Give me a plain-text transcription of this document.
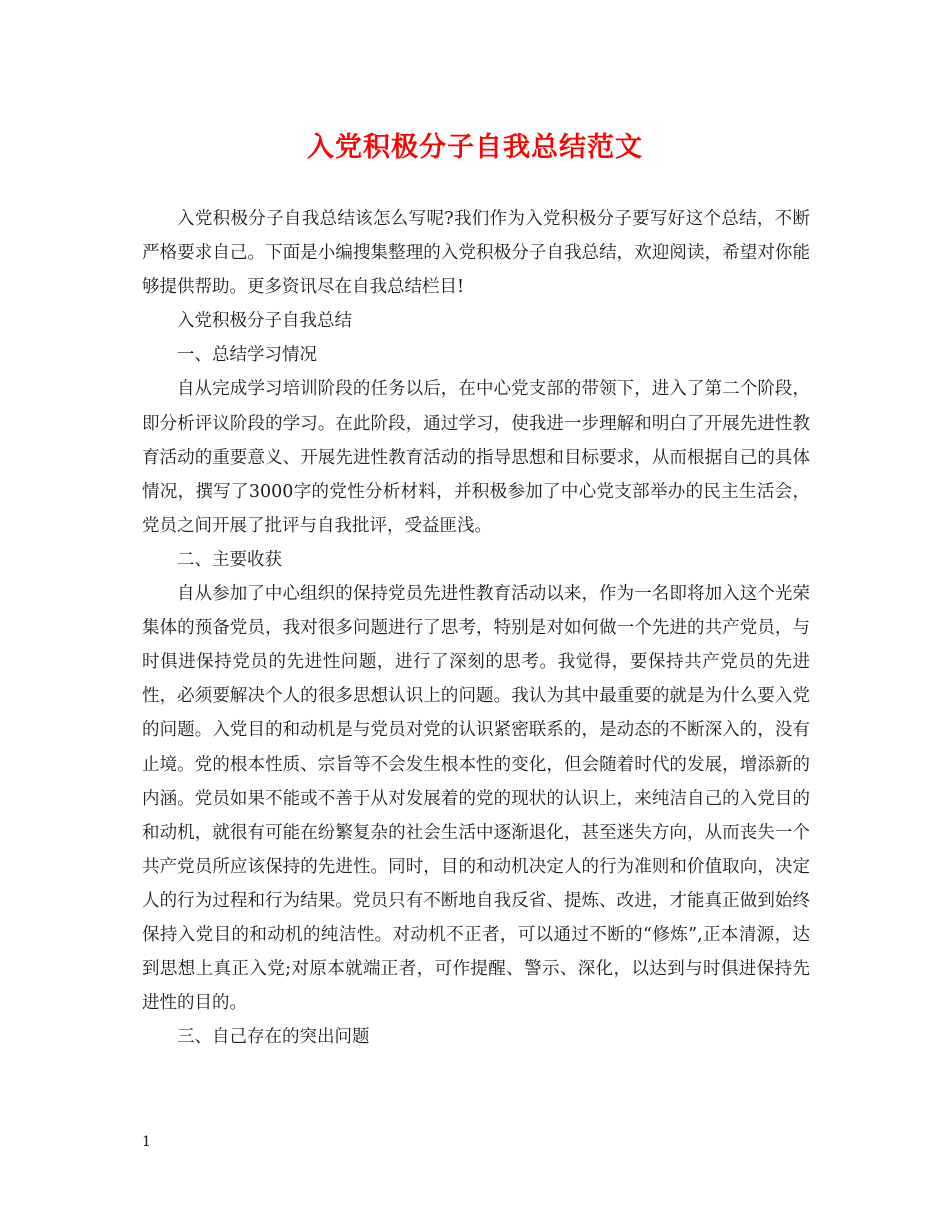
入党积极分子自我总结范文

入党积极分子自我总结该怎么写呢?我们作为入党积极分子要写好这个总结，不断严格要求自己。下面是小编搜集整理的入党积极分子自我总结，欢迎阅读，希望对你能够提供帮助。更多资讯尽在自我总结栏目!

入党积极分子自我总结

一、总结学习情况

自从完成学习培训阶段的任务以后，在中心党支部的带领下，进入了第二个阶段，即分析评议阶段的学习。在此阶段，通过学习，使我进一步理解和明白了开展先进性教育活动的重要意义、开展先进性教育活动的指导思想和目标要求，从而根据自己的具体情况，撰写了3000字的党性分析材料，并积极参加了中心党支部举办的民主生活会，党员之间开展了批评与自我批评，受益匪浅。

二、主要收获

自从参加了中心组织的保持党员先进性教育活动以来，作为一名即将加入这个光荣集体的预备党员，我对很多问题进行了思考，特别是对如何做一个先进的共产党员，与时俱进保持党员的先进性问题，进行了深刻的思考。我觉得，要保持共产党员的先进性，必须要解决个人的很多思想认识上的问题。我认为其中最重要的就是为什么要入党的问题。入党目的和动机是与党员对党的认识紧密联系的，是动态的不断深入的，没有止境。党的根本性质、宗旨等不会发生根本性的变化，但会随着时代的发展，增添新的内涵。党员如果不能或不善于从对发展着的党的现状的认识上，来纯洁自己的入党目的和动机，就很有可能在纷繁复杂的社会生活中逐渐退化，甚至迷失方向，从而丧失一个共产党员所应该保持的先进性。同时，目的和动机决定人的行为准则和价值取向，决定人的行为过程和行为结果。党员只有不断地自我反省、提炼、改进，才能真正做到始终保持入党目的和动机的纯洁性。对动机不正者，可以通过不断的“修炼”,正本清源，达到思想上真正入党;对原本就端正者，可作提醒、警示、深化，以达到与时俱进保持先进性的目的。

三、自己存在的突出问题

1
